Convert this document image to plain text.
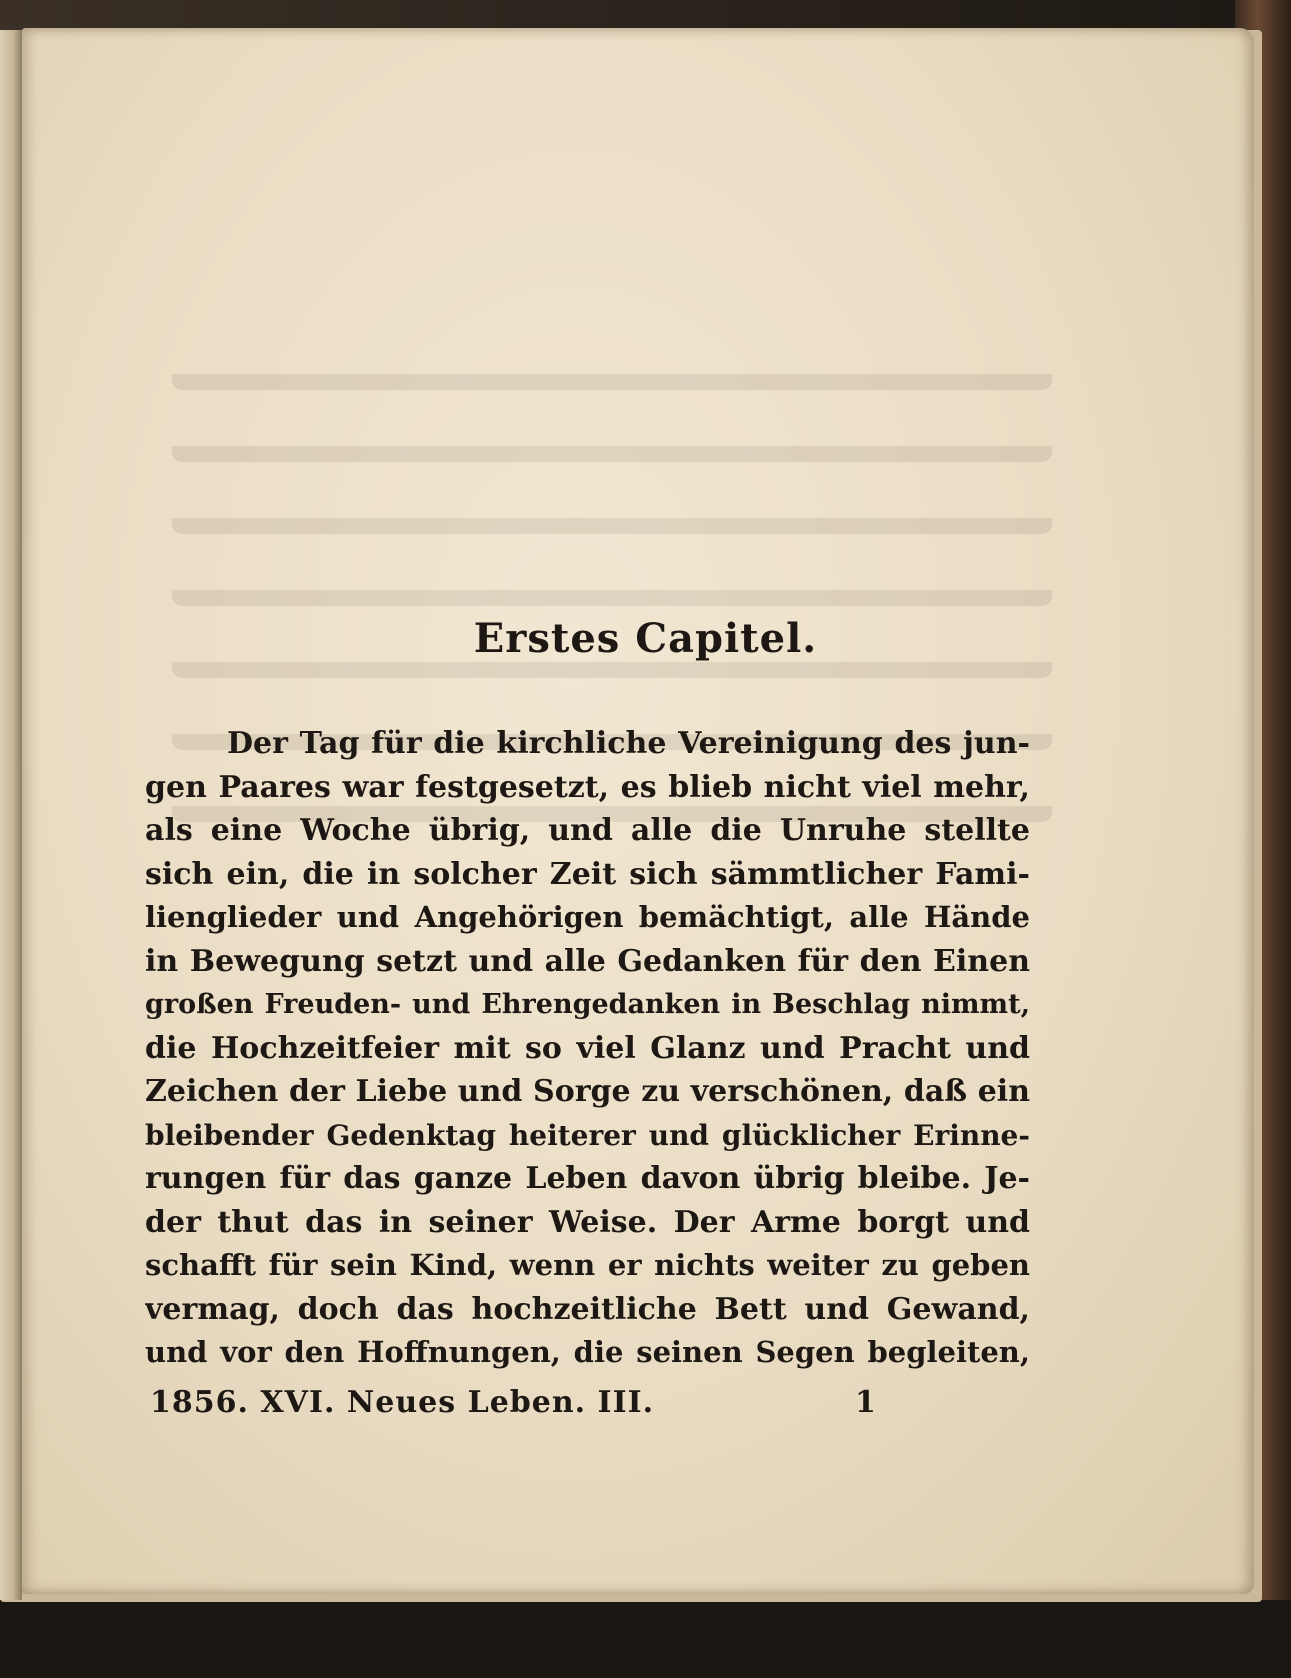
Erstes Capitel.
Der Tag für die kirchliche Vereinigung des jun-
gen Paares war festgesetzt, es blieb nicht viel mehr,
als eine Woche übrig, und alle die Unruhe stellte
sich ein, die in solcher Zeit sich sämmtlicher Fami-
lienglieder und Angehörigen bemächtigt, alle Hände
in Bewegung setzt und alle Gedanken für den Einen
großen Freuden- und Ehrengedanken in Beschlag nimmt,
die Hochzeitfeier mit so viel Glanz und Pracht und
Zeichen der Liebe und Sorge zu verschönen, daß ein
bleibender Gedenktag heiterer und glücklicher Erinne-
rungen für das ganze Leben davon übrig bleibe. Je-
der thut das in seiner Weise. Der Arme borgt und
schafft für sein Kind, wenn er nichts weiter zu geben
vermag, doch das hochzeitliche Bett und Gewand,
und vor den Hoffnungen, die seinen Segen begleiten,
1856. XVI. Neues Leben. III.	1
